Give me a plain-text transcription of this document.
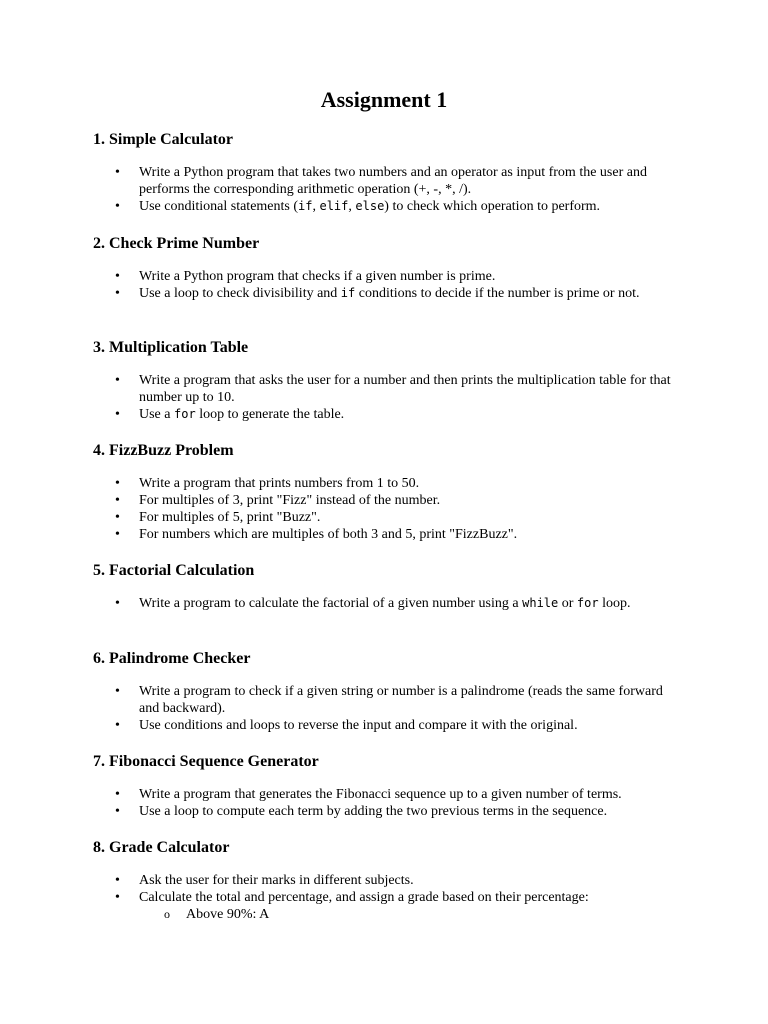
Assignment 1
1. Simple Calculator
• Write a Python program that takes two numbers and an operator as input from the user and performs the corresponding arithmetic operation (+, -, *, /).
• Use conditional statements (if, elif, else) to check which operation to perform.
2. Check Prime Number
• Write a Python program that checks if a given number is prime.
• Use a loop to check divisibility and if conditions to decide if the number is prime or not.
3. Multiplication Table
• Write a program that asks the user for a number and then prints the multiplication table for that number up to 10.
• Use a for loop to generate the table.
4. FizzBuzz Problem
• Write a program that prints numbers from 1 to 50.
• For multiples of 3, print "Fizz" instead of the number.
• For multiples of 5, print "Buzz".
• For numbers which are multiples of both 3 and 5, print "FizzBuzz".
5. Factorial Calculation
• Write a program to calculate the factorial of a given number using a while or for loop.
6. Palindrome Checker
• Write a program to check if a given string or number is a palindrome (reads the same forward and backward).
• Use conditions and loops to reverse the input and compare it with the original.
7. Fibonacci Sequence Generator
• Write a program that generates the Fibonacci sequence up to a given number of terms.
• Use a loop to compute each term by adding the two previous terms in the sequence.
8. Grade Calculator
• Ask the user for their marks in different subjects.
• Calculate the total and percentage, and assign a grade based on their percentage:
o Above 90%: A
